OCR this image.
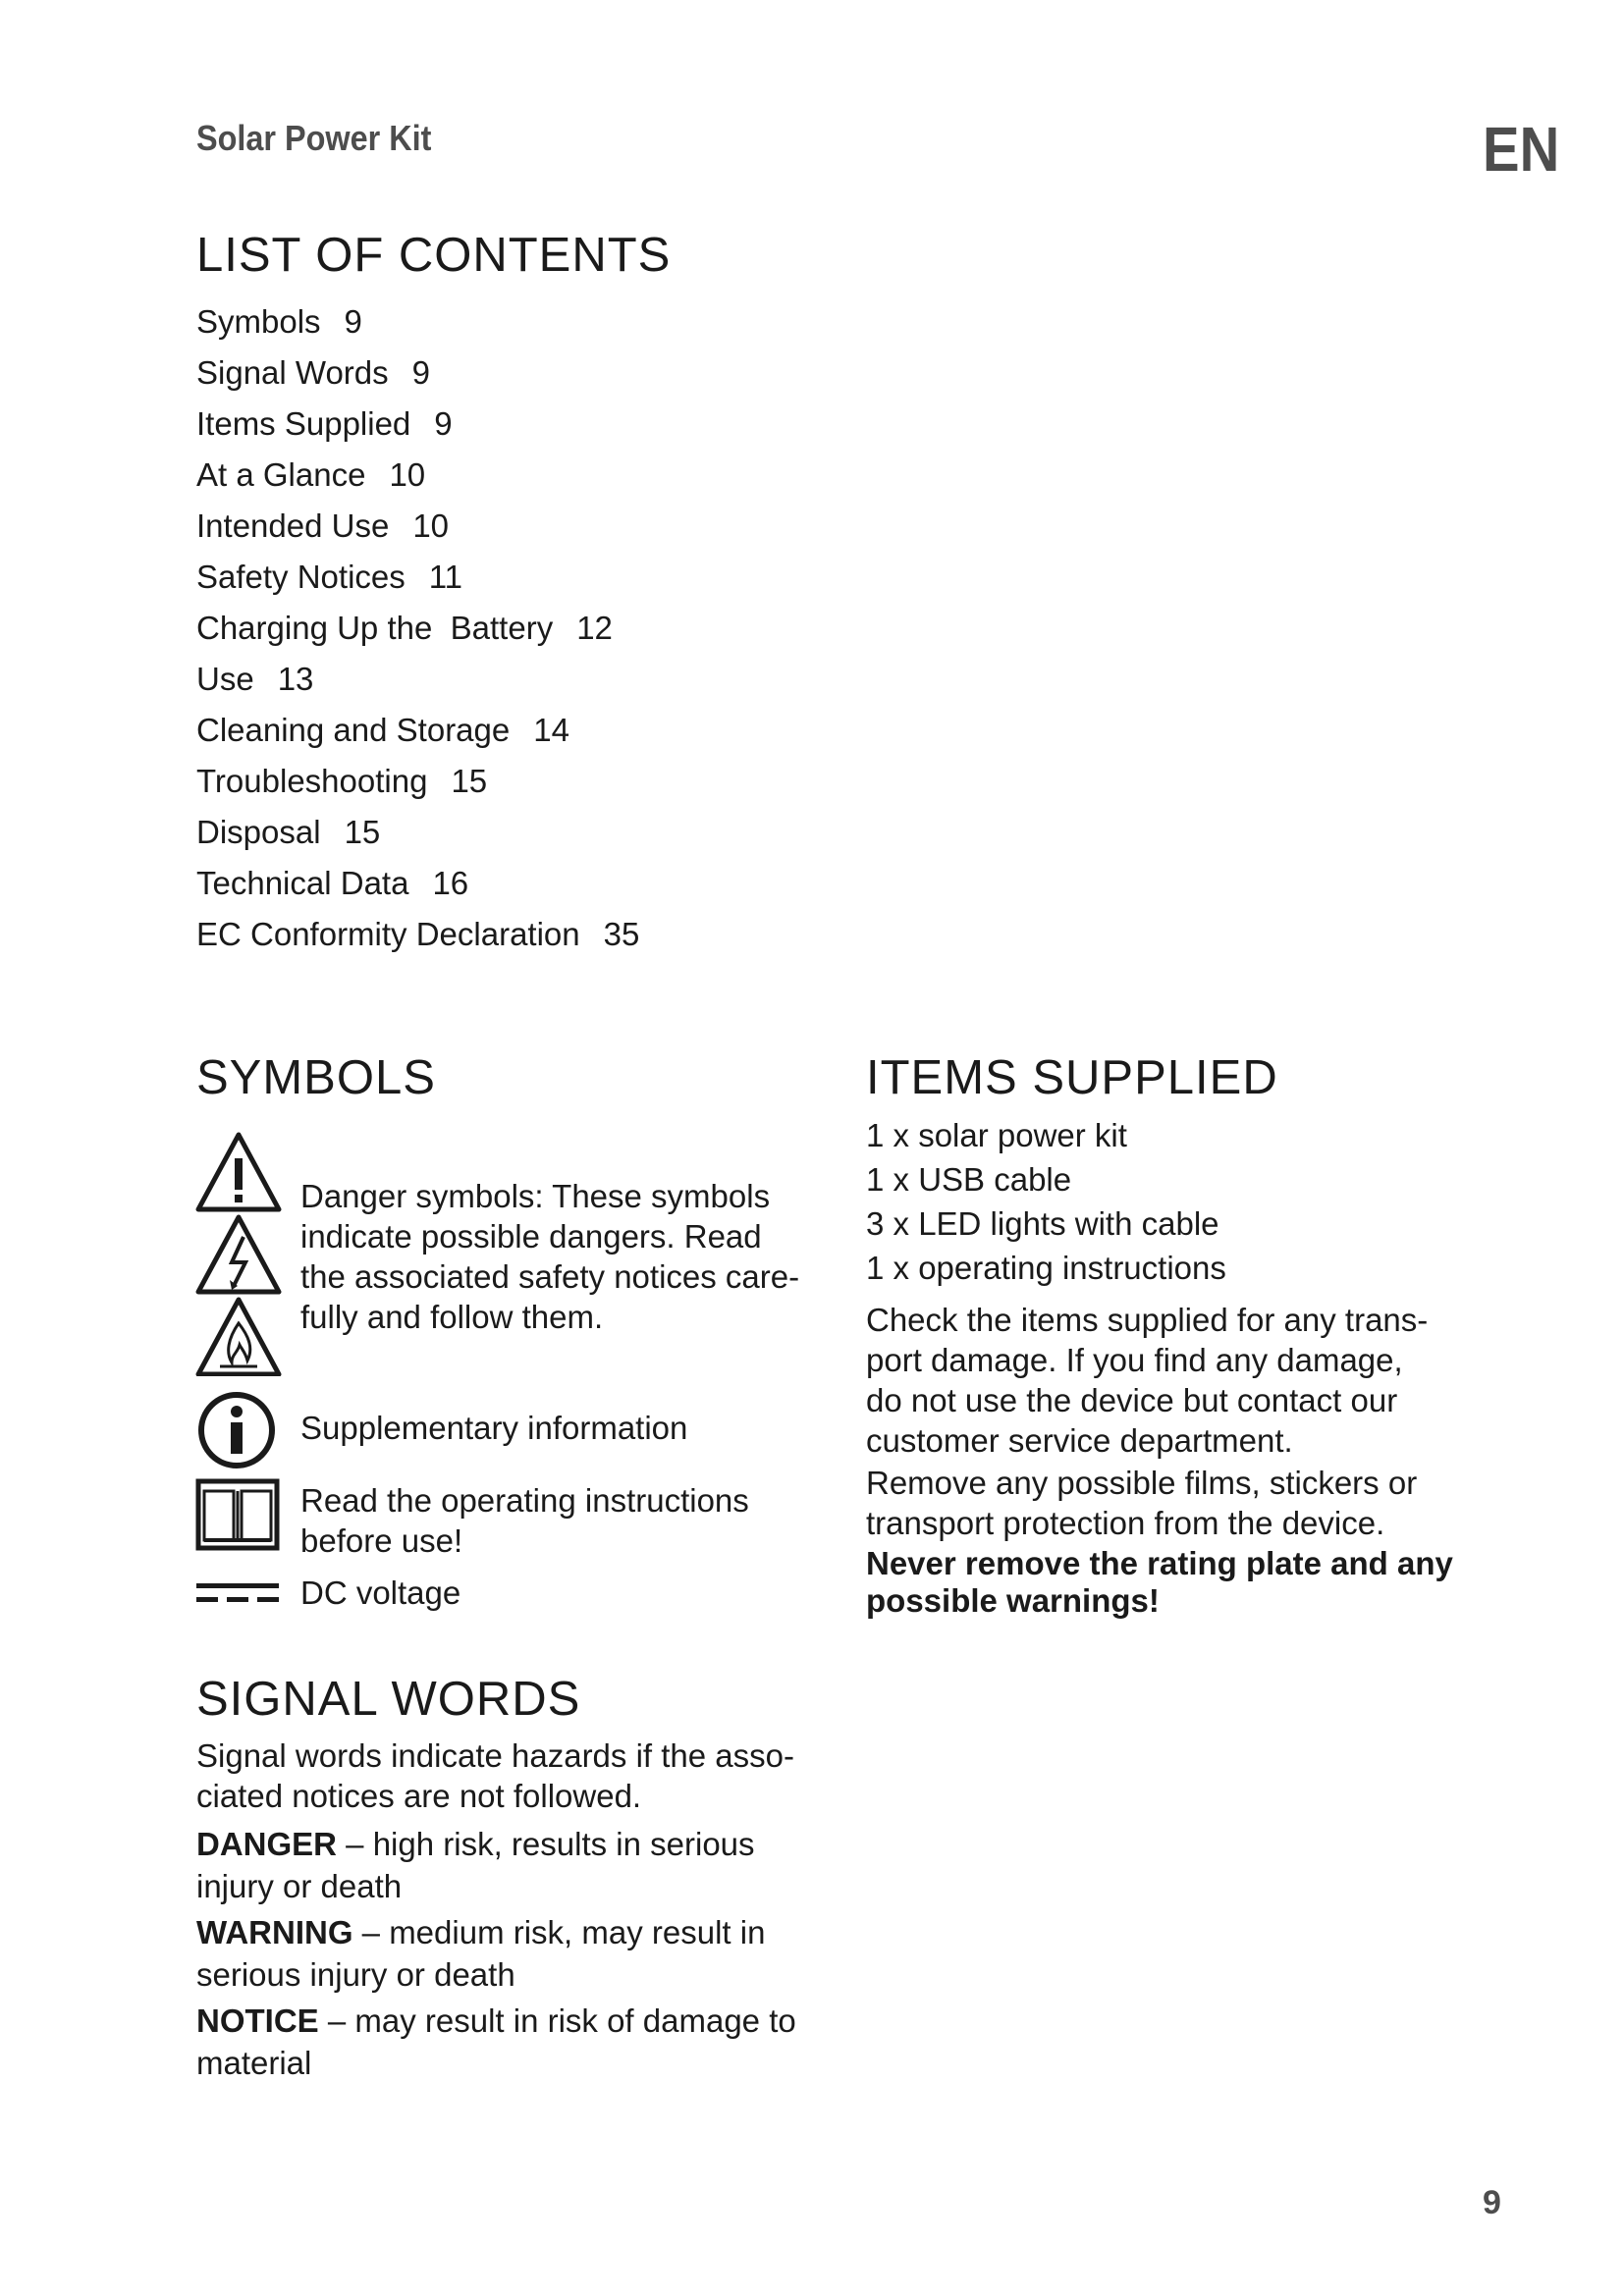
Solar Power Kit	EN
LIST OF CONTENTS
Symbols 9
Signal Words 9
Items Supplied 9
At a Glance 10
Intended Use 10
Safety Notices 11
Charging Up the  Battery 12
Use 13
Cleaning and Storage 14
Troubleshooting 15
Disposal 15
Technical Data 16
EC Conformity Declaration 35
SYMBOLS
Danger symbols: These symbols
indicate possible dangers. Read
the associated safety notices care-
fully and follow them.
Supplementary information
Read the operating instructions
before use!
DC voltage
SIGNAL WORDS
Signal words indicate hazards if the asso-
ciated notices are not followed.
DANGER – high risk, results in serious
injury or death
WARNING – medium risk, may result in
serious injury or death
NOTICE – may result in risk of damage to
material
ITEMS SUPPLIED
1 x solar power kit
1 x USB cable
3 x LED lights with cable
1 x operating instructions
Check the items supplied for any trans-
port damage. If you find any damage,
do not use the device but contact our
customer service department.
Remove any possible films, stickers or
transport protection from the device.
Never remove the rating plate and any
possible warnings!
9
